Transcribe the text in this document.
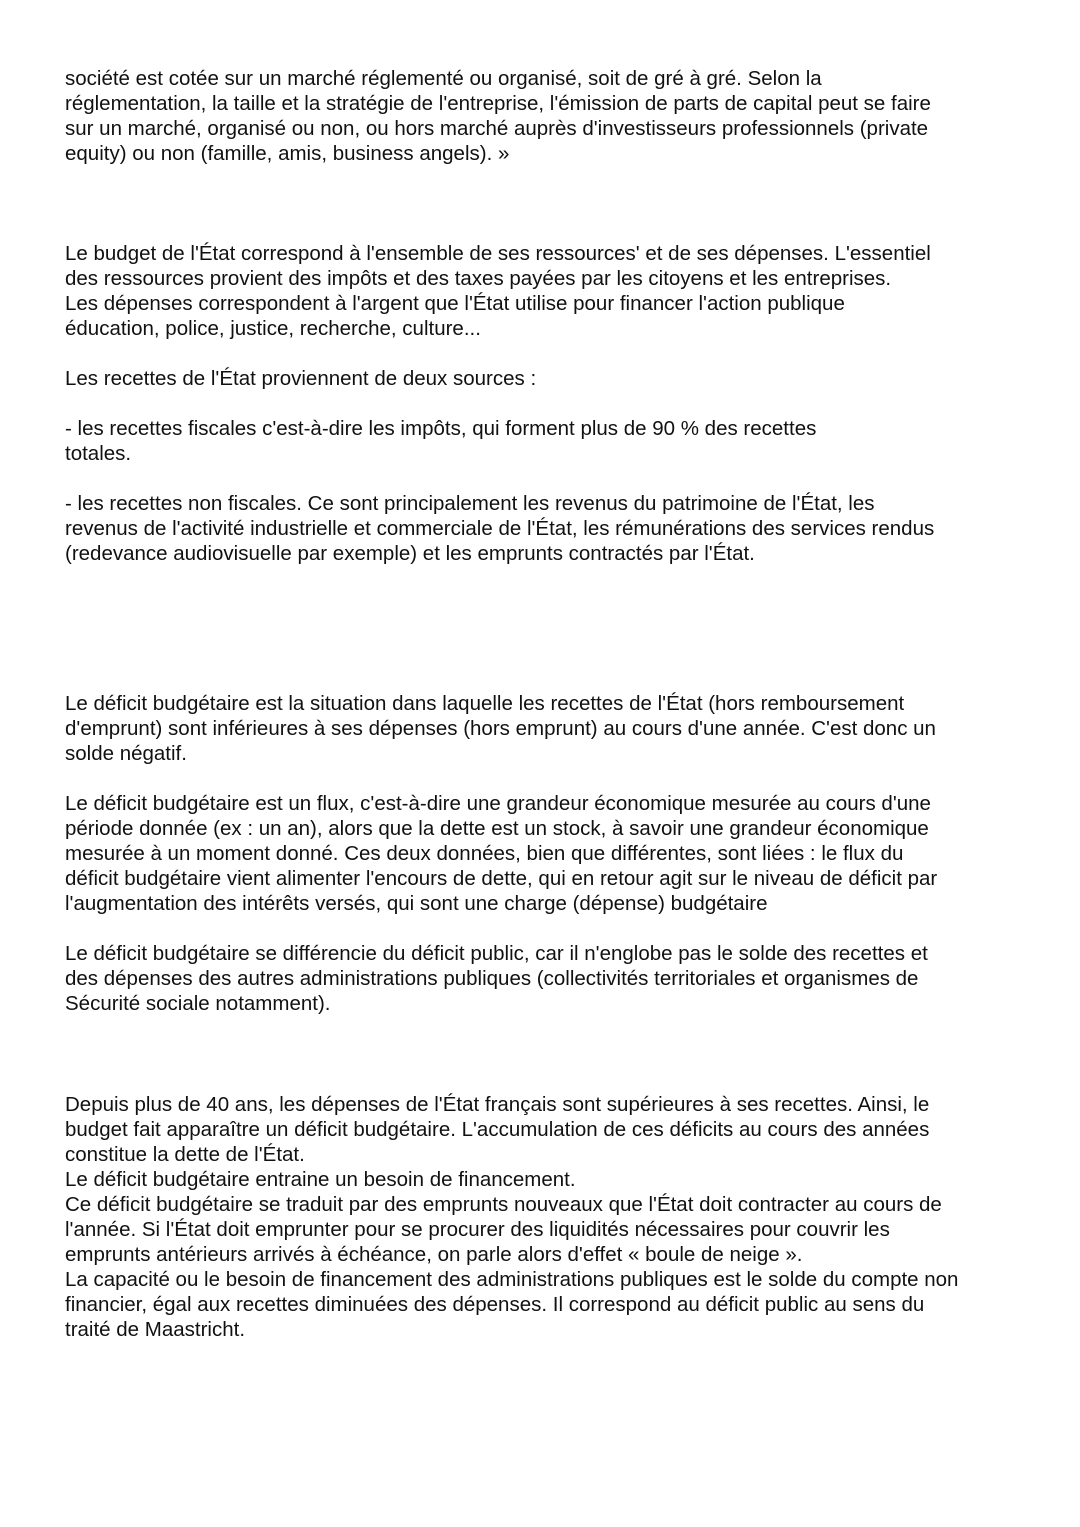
société est cotée sur un marché réglementé ou organisé, soit de gré à gré. Selon la
réglementation, la taille et la stratégie de l'entreprise, l'émission de parts de capital peut se faire
sur un marché, organisé ou non, ou hors marché auprès d'investisseurs professionnels (private
equity) ou non (famille, amis, business angels). »

Le budget de l'État correspond à l'ensemble de ses ressources' et de ses dépenses. L'essentiel
des ressources provient des impôts et des taxes payées par les citoyens et les entreprises.
Les dépenses correspondent à l'argent que l'État utilise pour financer l'action publique
éducation, police, justice, recherche, culture...

Les recettes de l'État proviennent de deux sources :

- les recettes fiscales c'est-à-dire les impôts, qui forment plus de 90 % des recettes
totales.

- les recettes non fiscales. Ce sont principalement les revenus du patrimoine de l'État, les
revenus de l'activité industrielle et commerciale de l'État, les rémunérations des services rendus
(redevance audiovisuelle par exemple) et les emprunts contractés par l'État.

Le déficit budgétaire est la situation dans laquelle les recettes de l'État (hors remboursement
d'emprunt) sont inférieures à ses dépenses (hors emprunt) au cours d'une année. C'est donc un
solde négatif.

Le déficit budgétaire est un flux, c'est-à-dire une grandeur économique mesurée au cours d'une
période donnée (ex : un an), alors que la dette est un stock, à savoir une grandeur économique
mesurée à un moment donné. Ces deux données, bien que différentes, sont liées : le flux du
déficit budgétaire vient alimenter l'encours de dette, qui en retour agit sur le niveau de déficit par
l'augmentation des intérêts versés, qui sont une charge (dépense) budgétaire

Le déficit budgétaire se différencie du déficit public, car il n'englobe pas le solde des recettes et
des dépenses des autres administrations publiques (collectivités territoriales et organismes de
Sécurité sociale notamment).

Depuis plus de 40 ans, les dépenses de l'État français sont supérieures à ses recettes. Ainsi, le
budget fait apparaître un déficit budgétaire. L'accumulation de ces déficits au cours des années
constitue la dette de l'État.
Le déficit budgétaire entraine un besoin de financement.
Ce déficit budgétaire se traduit par des emprunts nouveaux que l'État doit contracter au cours de
l'année. Si l'État doit emprunter pour se procurer des liquidités nécessaires pour couvrir les
emprunts antérieurs arrivés à échéance, on parle alors d'effet « boule de neige ».
La capacité ou le besoin de financement des administrations publiques est le solde du compte non
financier, égal aux recettes diminuées des dépenses. Il correspond au déficit public au sens du
traité de Maastricht.
